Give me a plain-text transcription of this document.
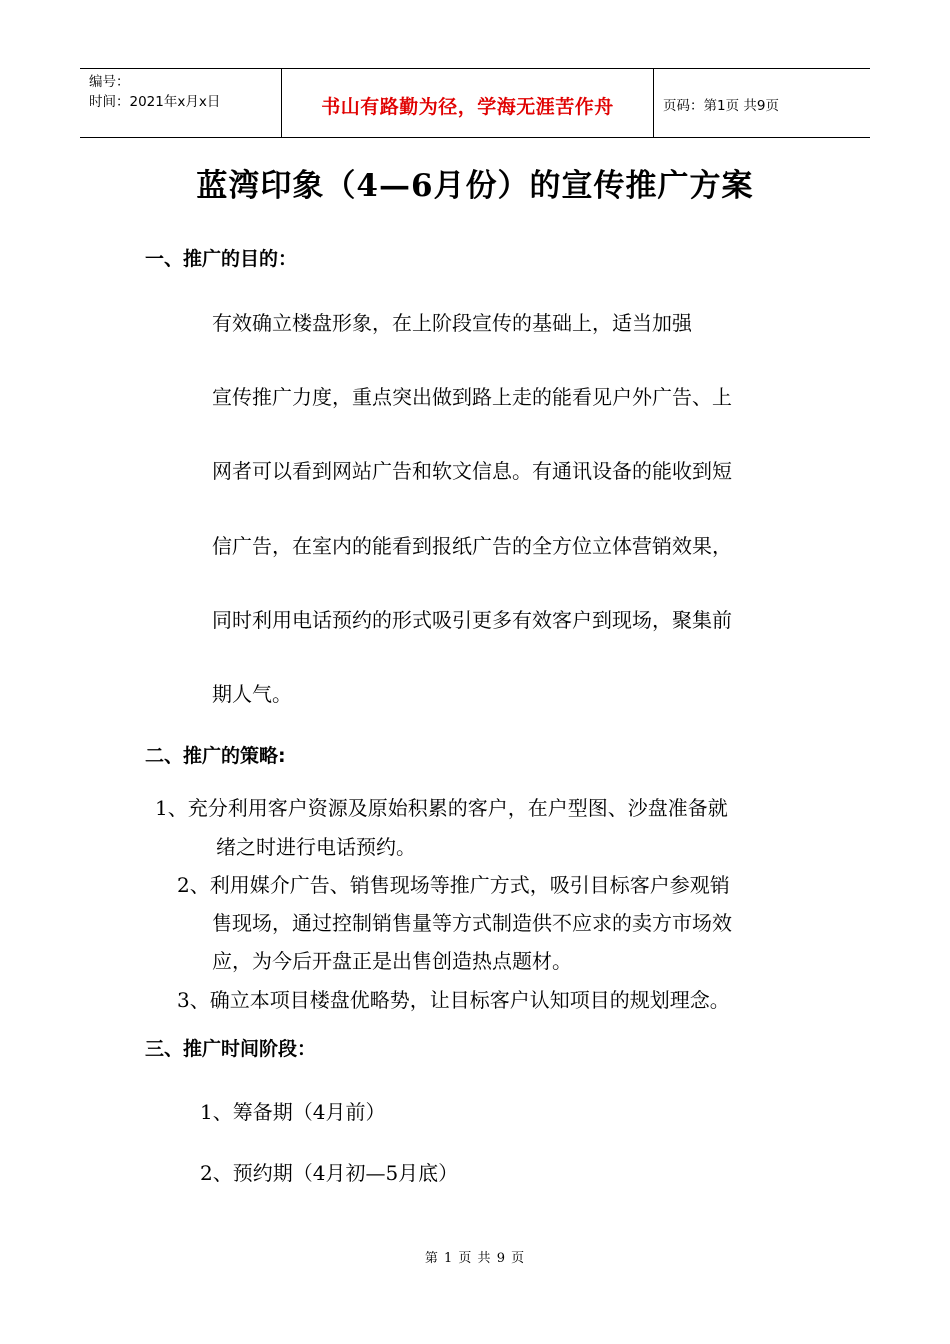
编号：
时间：2021年x月x日	书山有路勤为径，学海无涯苦作舟	页码：第1页 共9页
蓝湾印象（4—6月份）的宣传推广方案
一、推广的目的：
有效确立楼盘形象，在上阶段宣传的基础上，适当加强
宣传推广力度，重点突出做到路上走的能看见户外广告、上
网者可以看到网站广告和软文信息。有通讯设备的能收到短
信广告，在室内的能看到报纸广告的全方位立体营销效果，
同时利用电话预约的形式吸引更多有效客户到现场，聚集前
期人气。
二、推广的策略:
1、充分利用客户资源及原始积累的客户，在户型图、沙盘准备就
绪之时进行电话预约。
2、利用媒介广告、销售现场等推广方式，吸引目标客户参观销
售现场，通过控制销售量等方式制造供不应求的卖方市场效
应，为今后开盘正是出售创造热点题材。
3、确立本项目楼盘优略势，让目标客户认知项目的规划理念。
三、推广时间阶段：
1、筹备期（4月前）
2、预约期（4月初—5月底）
第 1 页 共 9 页
